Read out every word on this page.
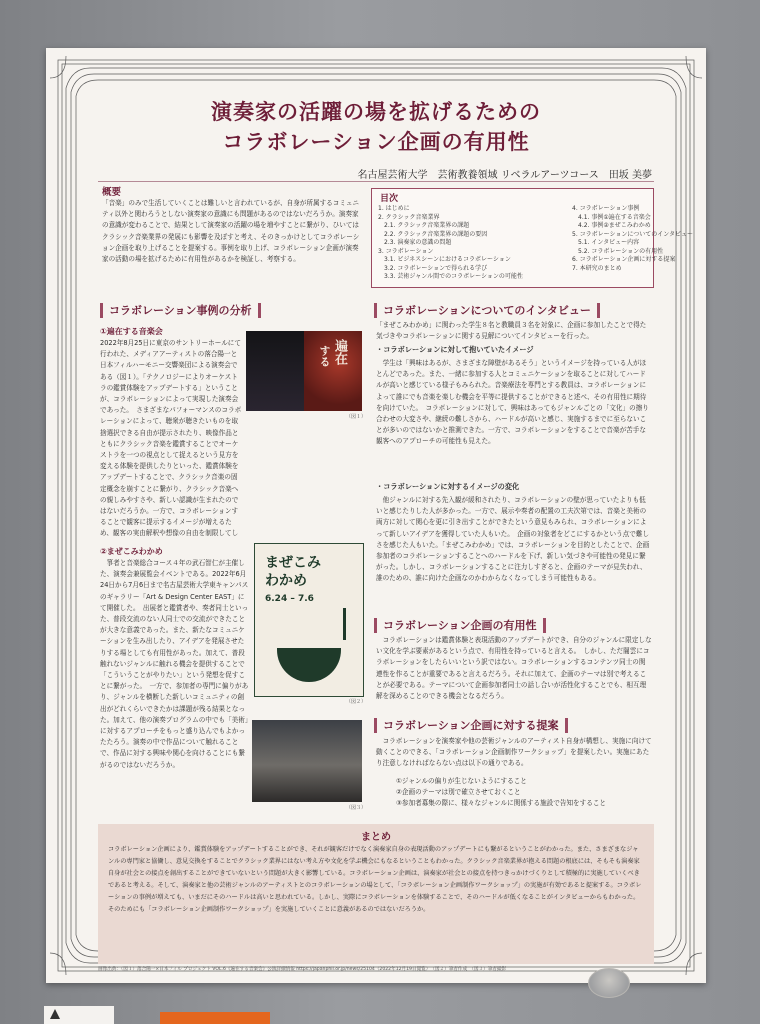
演奏家の活躍の場を拡げるための
コラボレーション企画の有用性
名古屋芸術大学　芸術教養領域 リベラルアーツコース　田坂 美夢
概要
「音楽」のみで生活していくことは難しいと言われているが、自身が所属するコミュニティ以外と関わろうとしない演奏家の意識にも問題があるのではないだろうか。演奏家の意識が変わることで、結果として演奏家の活躍の場を増やすことに繋がり、ひいてはクラシック音楽業界の発展にも影響を及ぼすと考え、そのきっかけとしてコラボレーション企画を取り上げることを提案する。事例を取り上げ、コラボレーション企画が演奏家の活動の場を拡げるために有用性があるかを検証し、考察する。
目次
1. はじめに
2. クラシック音楽業界
2.1. クラシック音楽業界の課題
2.2. クラシック音楽業界の課題の要因
2.3. 演奏家の意識の問題
3. コラボレーション
3.1. ビジネスシーンにおけるコラボレーション
3.2. コラボレーションで得られる学び
3.3. 芸術ジャンル間でのコラボレーションの可能性
4. コラボレーション事例
4.1. 事例①遍在する音楽会
4.2. 事例②まぜこみわかめ
5. コラボレーションについてのインタビュー
5.1. インタビュー内容
5.2. コラボレーションの有用性
6. コラボレーション企画に対する提案
7. 本研究のまとめ
コラボレーション事例の分析
①遍在する音楽会
2022年8月25日に東京のサントリーホールにて行われた、メディアアーティストの落合陽一と日本フィルハーモニー交響楽団による演奏会である（図１）。「テクノロジーによりオーケストラの鑑賞体験をアップデートする」ということが、コラボレーションによって実現した演奏会であった。　さまざまなパフォーマンスのコラボレーションによって、聴衆が聴きたいものを取捨選択できる自由が提示されたり、映像作品とともにクラシック音楽を鑑賞することでオーケストラを一つの視点として捉えるという見方を変える体験を提供したりといった、鑑賞体験をアップデートすることで、クラシック音楽の固定概念を崩すことに繋がり、クラシック音楽への親しみやすさや、新しい認識が生まれたのではないだろうか。一方で、コラボレーションすることで観客に提示するイメージが増えるため、観客の実由解釈や想像の自由を制限してし
遍在
する
（図１）
②まぜこみわかめ
　箏者と音楽総合コース４年の武石智仁が主催した、演奏会兼展覧会イベントである。2022年6月24日から7月6日まで名古屋芸術大学東キャンパスのギャラリー「Art & Design Center EAST」にて開催した。　出展者と鑑賞者や、奏者同士といった、普段交流のない人同士での交流ができたことが大きな意義であった。また、新たなコミュニケーションを生み出したり、アイデアを発展させたりする場としても有用性があった。加えて、普段触れないジャンルに触れる機会を提供することで「こういうことがやりたい」という発想を促すことに繋がった。　一方で、参加者の専門に偏りがあり、ジャンルを横断した新しいコミュニティの創出がどれくらいできたかは課題が残る結果となった。加えて、他の演奏プログラムの中でも「美術」に対するアプローチをもっと盛り込んでもよかったたろう。演奏の中で作品について触れることで、作品に対する興味や関心を向けることにも繋がるのではないだろうか。
まぜこみ
わかめ
6.24 – 7.6
（図２）
（図３）
コラボレーションについてのインタビュー
「まぜこみわかめ」に関わった学生８名と教職員３名を対象に、企画に参加したことで得た気づきやコラボレーションに関する見解についてインタビューを行った。
・コラボレーションに対して抱いていたイメージ
　学生は「興味はあるが、さまざまな障壁があるそう」というイメージを持っている人がほとんどであった。また、一緒に参加する人とコミュニケーションを取ることに対してハードルが高いと感じている様子もみられた。音楽療法を専門とする教員は、コラボレーションによって誰にでも音楽を楽しむ機会を平等に提供することができると述べ、その有用性に期待を向けていた。　コラボレーションに対して、興味はあってもジャンルごとの「文化」の擦り合わせの大変さや、継続の難しさから、ハードルが高いと感じ、実施するまでに至らないことが多いのではないかと推測できた。一方で、コラボレーションをすることで音楽が苦手な観客へのアプローチの可能性も見えた。
・コラボレーションに対するイメージの変化
　他ジャンルに対する先入観が緩和されたり、コラボレーションの壁が思っていたよりも低いと感じたりした人が多かった。一方で、展示や奏者の配置の工夫次第では、音楽と美術の両方に対して関心を更に引き出すことができたという意見もみられ、コラボレーションによって新しいアイデアを獲得していた人もいた。　企画の対象者をどこにするかという点で難しさを感じた人もいた。「まぜこみわかめ」では、コラボレーションを目的としたことで、企画参加者のコラボレーションすることへのハードルを下げ、新しい気づきや可能性の発見に繋がった。しかし、コラボレーションすることに注力しすぎると、企画のテーマが見失われ、誰のための、誰に向けた企画なのかわからなくなってしまう可能性もある。
コラボレーション企画の有用性
　コラボレーションは鑑賞体験と表現活動のアップデートができ、自分のジャンルに限定しない文化を学ぶ要素があるという点で、有用性を持っていると言える。　しかし、ただ闇雲にコラボレーションをしたらいいという訳ではない。コラボレーションするコンテンツ同士の関連性を作ることが重要であると言えるだろう。それに加えて、企画のテーマは別で考えることが必要である。テーマについて企画参加者同士の話し合いが活性化することでも、相互理解を深めることのできる機会となるだろう。
コラボレーション企画に対する提案
　コラボレーションを演奏家や他の芸術ジャンルのアーティスト自身が構想し、実施に向けて動くことのできる、「コラボレーション企画制作ワークショップ」を提案したい。実施にあたり注意しなければならない点は以下の通りである。
①ジャンルの偏りが生じないようにすること
②企画のテーマは別で確立させておくこと
③参加者募集の際に、様々なジャンルに関係する施設で告知をすること
まとめ
コラボレーション企画により、鑑賞体験をアップデートすることができ、それが観客だけでなく演奏家自身の表現活動のアップデートにも繋がるということがわかった。また、さまざまなジャンルの専門家と協働し、意見交換をすることでクラシック業界にはない考え方や文化を学ぶ機会にもなるということもわかった。クラシック音楽業界が抱える問題の根底には、そもそも演奏家自身が社会との接点を創出することができていないという問題が大きく影響している。コラボレーション企画は、演奏家が社会との接点を持つきっかけづくりとして積極的に実施していくべきであると考える。そして、演奏家と他の芸術ジャンルのアーティストとのコラボレーションの場として、「コラボレーション企画制作ワークショップ」の実施が有効であると提案する。コラボレーションの事例が増えても、いまだにそのハードルは高いと思われている。しかし、実際にコラボレーションを体験することで、そのハードルが低くなることがインタビューからもわかった。そのためにも「コラボレーション企画制作ワークショップ」を実施していくことに意義があるのではないだろうか。
画像出典：（図１）落合陽一×日本フィル プロジェクト VOL.6《遍在する音楽会》公演詳細情報 https://japanphil.or.jp/news/25104（2022年12月19日閲覧）　（図２）筆者作成　（図３）筆者撮影
